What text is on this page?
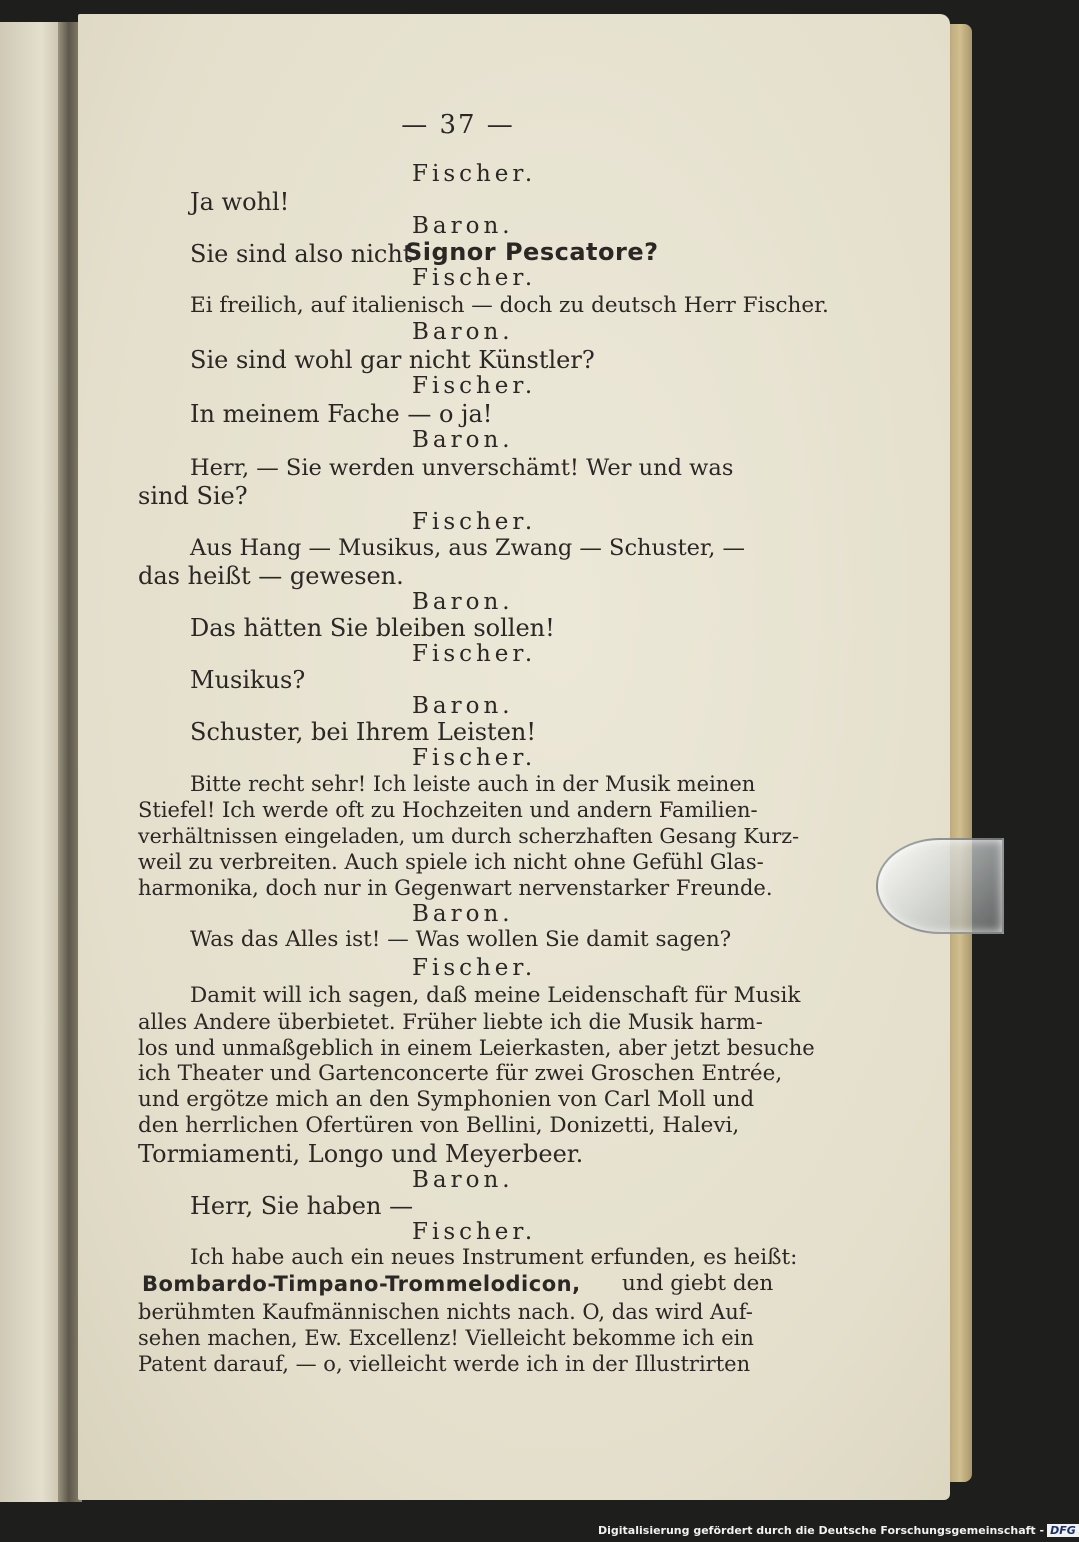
— 37 —
Fischer.
Ja wohl!
Baron.
Sie sind also nicht
Signor Pescatore?
Fischer.
Ei freilich, auf italienisch — doch zu deutsch Herr Fischer.
Baron.
Sie sind wohl gar nicht Künstler?
Fischer.
In meinem Fache — o ja!
Baron.
Herr, — Sie werden unverschämt! Wer und was
sind Sie?
Fischer.
Aus Hang — Musikus, aus Zwang — Schuster, —
das heißt — gewesen.
Baron.
Das hätten Sie bleiben sollen!
Fischer.
Musikus?
Baron.
Schuster, bei Ihrem Leisten!
Fischer.
Bitte recht sehr! Ich leiste auch in der Musik meinen
Stiefel! Ich werde oft zu Hochzeiten und andern Familien-
verhältnissen eingeladen, um durch scherzhaften Gesang Kurz-
weil zu verbreiten. Auch spiele ich nicht ohne Gefühl Glas-
harmonika, doch nur in Gegenwart nervenstarker Freunde.
Baron.
Was das Alles ist! — Was wollen Sie damit sagen?
Fischer.
Damit will ich sagen, daß meine Leidenschaft für Musik
alles Andere überbietet. Früher liebte ich die Musik harm-
los und unmaßgeblich in einem Leierkasten, aber jetzt besuche
ich Theater und Gartenconcerte für zwei Groschen Entrée,
und ergötze mich an den Symphonien von Carl Moll und
den herrlichen Ofertüren von Bellini, Donizetti, Halevi,
Tormiamenti, Longo und Meyerbeer.
Baron.
Herr, Sie haben —
Fischer.
Ich habe auch ein neues Instrument erfunden, es heißt:
Bombardo-Timpano-Trommelodicon, und giebt den
berühmten Kaufmännischen nichts nach. O, das wird Auf-
sehen machen, Ew. Excellenz! Vielleicht bekomme ich ein
Patent darauf, — o, vielleicht werde ich in der Illustrirten
Digitalisierung gefördert durch die Deutsche Forschungsgemeinschaft - DFG
